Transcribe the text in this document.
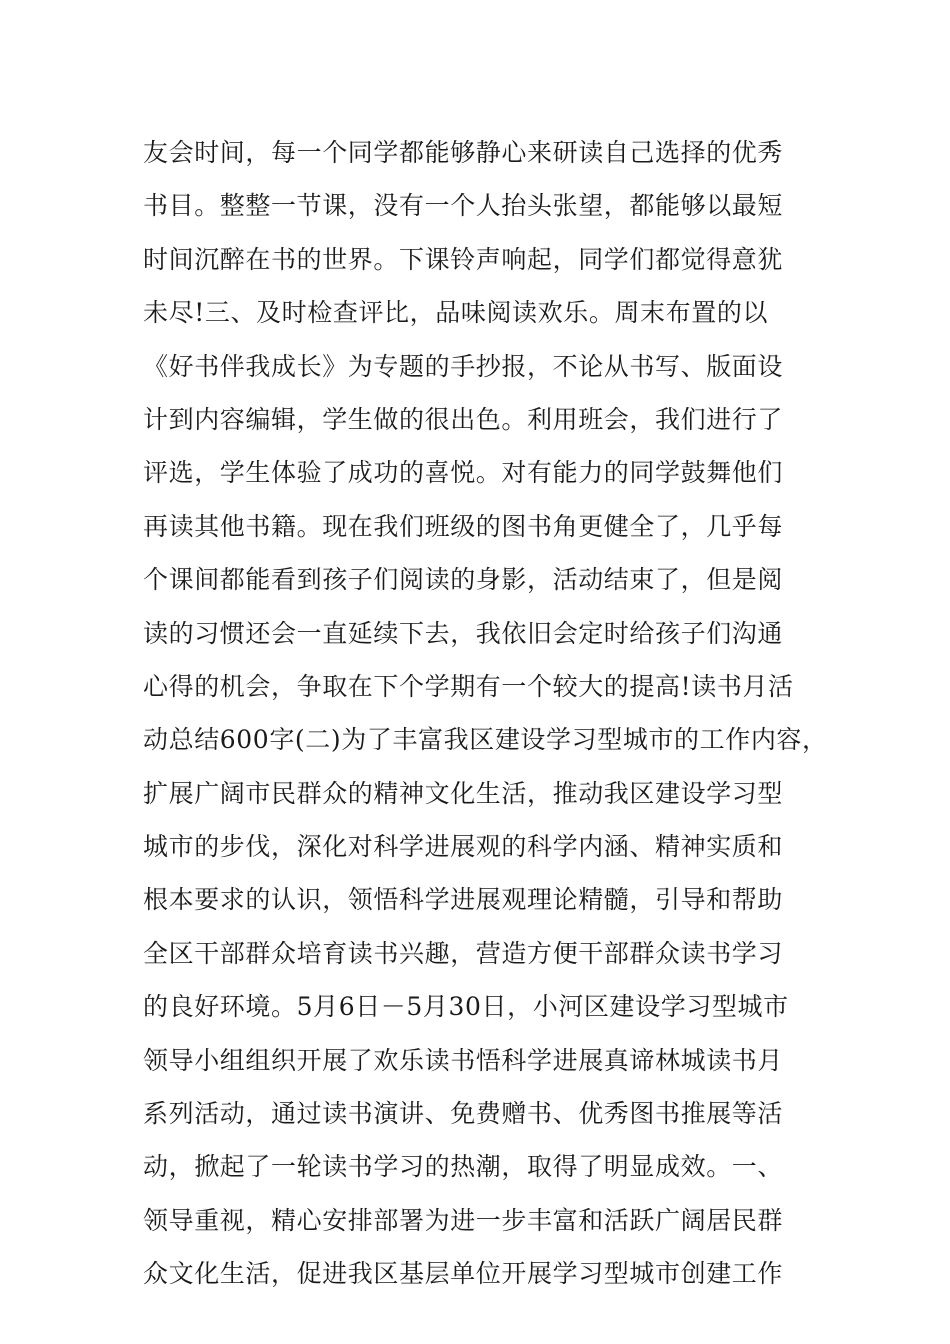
友会时间，每一个同学都能够静心来研读自己选择的优秀
书目。整整一节课，没有一个人抬头张望，都能够以最短
时间沉醉在书的世界。下课铃声响起，同学们都觉得意犹
未尽!三、及时检查评比，品味阅读欢乐。周末布置的以
《好书伴我成长》为专题的手抄报，不论从书写、版面设
计到内容编辑，学生做的很出色。利用班会，我们进行了
评选，学生体验了成功的喜悦。对有能力的同学鼓舞他们
再读其他书籍。现在我们班级的图书角更健全了，几乎每
个课间都能看到孩子们阅读的身影，活动结束了，但是阅
读的习惯还会一直延续下去，我依旧会定时给孩子们沟通
心得的机会，争取在下个学期有一个较大的提高!读书月活
动总结600字(二)为了丰富我区建设学习型城市的工作内容，
扩展广阔市民群众的精神文化生活，推动我区建设学习型
城市的步伐，深化对科学进展观的科学内涵、精神实质和
根本要求的认识，领悟科学进展观理论精髓，引导和帮助
全区干部群众培育读书兴趣，营造方便干部群众读书学习
的良好环境。5月6日－5月30日，小河区建设学习型城市
领导小组组织开展了欢乐读书悟科学进展真谛林城读书月
系列活动，通过读书演讲、免费赠书、优秀图书推展等活
动，掀起了一轮读书学习的热潮，取得了明显成效。一、
领导重视，精心安排部署为进一步丰富和活跃广阔居民群
众文化生活，促进我区基层单位开展学习型城市创建工作
